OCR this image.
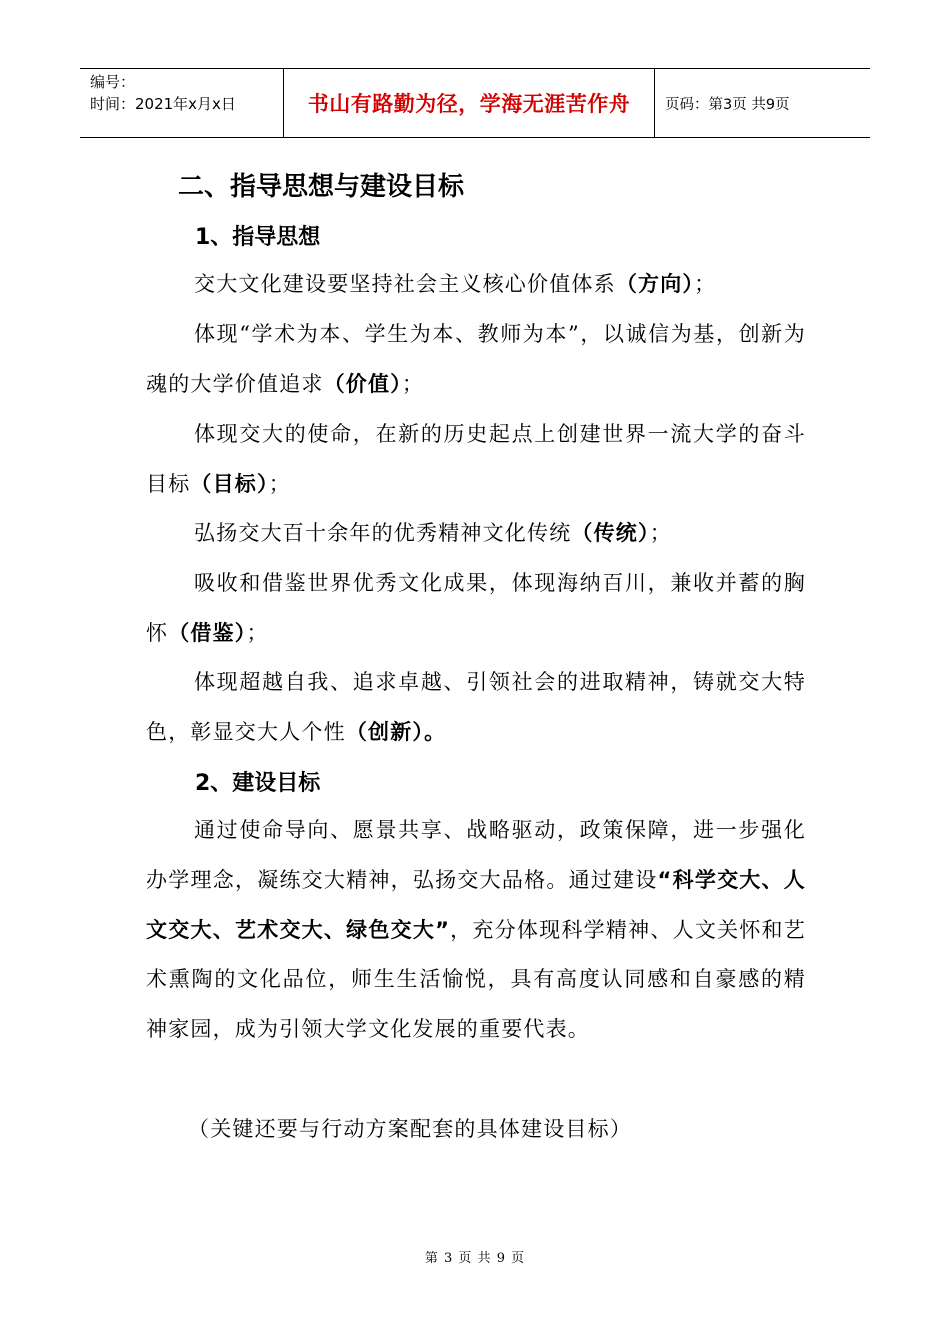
编号：
时间：2021年x月x日	书山有路勤为径，学海无涯苦作舟 页码：第3页 共9页
二、指导思想与建设目标
1、指导思想

交大文化建设要坚持社会主义核心价值体系（方向）；

体现“学术为本、学生为本、教师为本”，以诚信为基，创新为魂的大学价值追求（价值）；

体现交大的使命，在新的历史起点上创建世界一流大学的奋斗目标（目标）；

弘扬交大百十余年的优秀精神文化传统（传统）；

吸收和借鉴世界优秀文化成果，体现海纳百川，兼收并蓄的胸怀（借鉴）；

体现超越自我、追求卓越、引领社会的进取精神，铸就交大特色，彰显交大人个性（创新）。

2、建设目标

通过使命导向、愿景共享、战略驱动，政策保障，进一步强化办学理念，凝练交大精神，弘扬交大品格。通过建设“科学交大、人文交大、艺术交大、绿色交大”，充分体现科学精神、人文关怀和艺术熏陶的文化品位，师生生活愉悦，具有高度认同感和自豪感的精神家园，成为引领大学文化发展的重要代表。

（关键还要与行动方案配套的具体建设目标）

第 3 页 共 9 页
